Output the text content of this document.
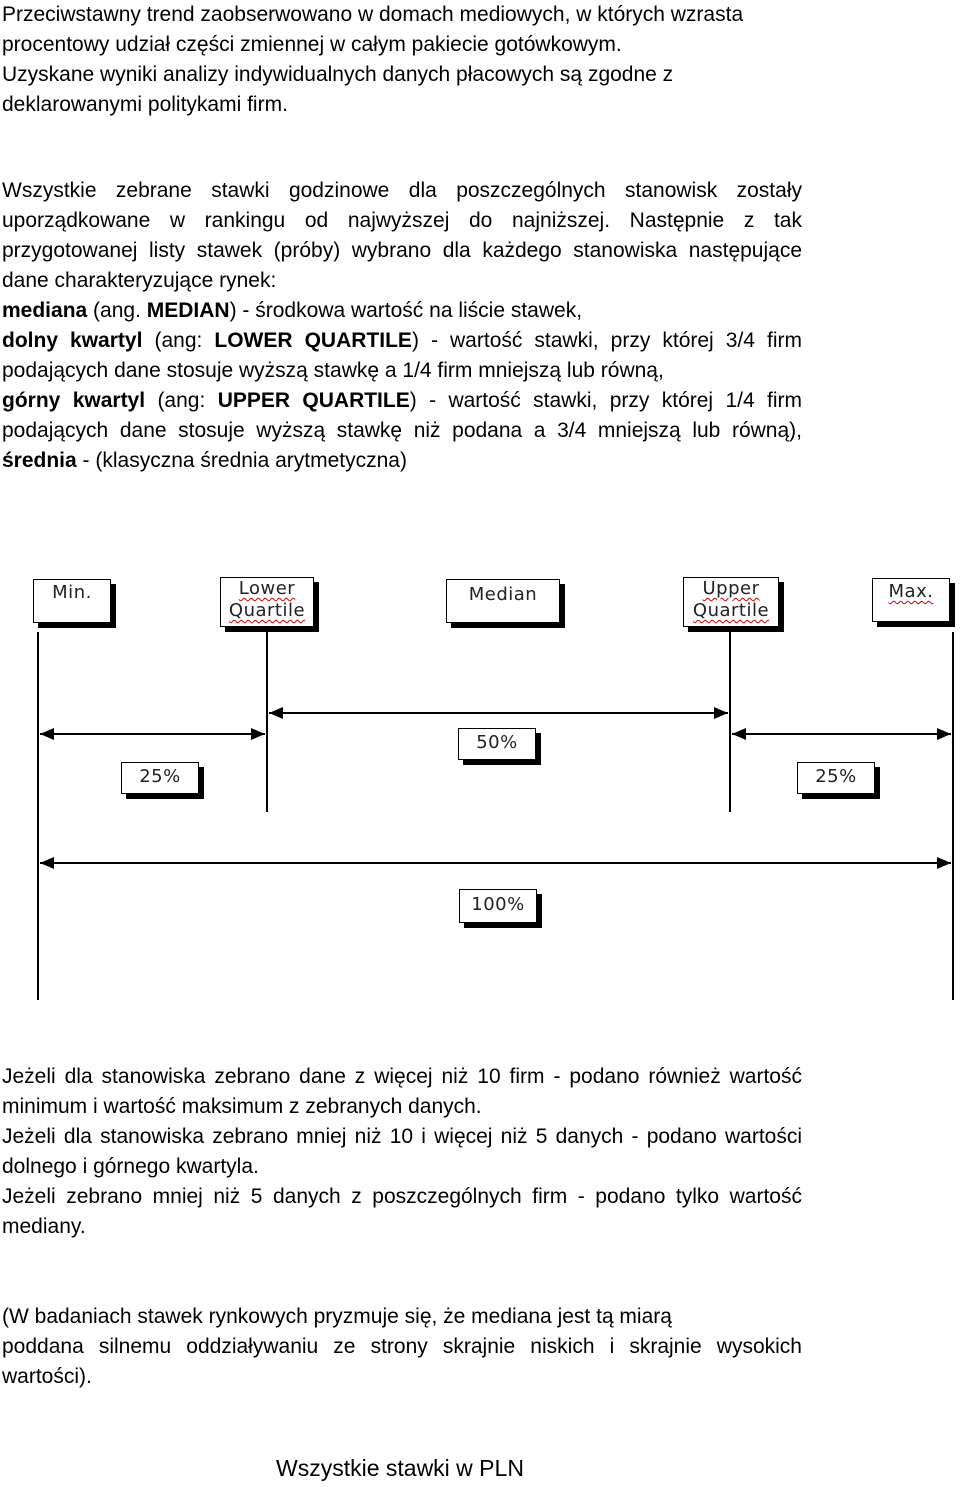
Przeciwstawny trend zaobserwowano w domach mediowych, w których wzrasta
procentowy udział części zmiennej w całym pakiecie gotówkowym.
Uzyskane wyniki analizy indywidualnych danych płacowych są zgodne z
deklarowanymi politykami firm.
Wszystkie zebrane stawki godzinowe dla poszczególnych stanowisk zostały
uporządkowane w rankingu od najwyższej do najniższej. Następnie z tak
przygotowanej listy stawek (próby) wybrano dla każdego stanowiska następujące
dane charakteryzujące rynek:
mediana (ang. MEDIAN) - środkowa wartość na liście stawek,
dolny kwartyl (ang: LOWER QUARTILE) - wartość stawki, przy której 3/4 firm
podających dane stosuje wyższą stawkę a 1/4 firm mniejszą lub równą,
górny kwartyl (ang: UPPER QUARTILE) - wartość stawki, przy której 1/4 firm
podających dane stosuje wyższą stawkę niż podana a 3/4 mniejszą lub równą),
średnia - (klasyczna średnia arytmetyczna)
Min.	Lower
Quartile
Median	Upper
Quartile
Max.
50%
25%	25%
100%
Jeżeli dla stanowiska zebrano dane z więcej niż 10 firm - podano również wartość
minimum i wartość maksimum z zebranych danych.
Jeżeli dla stanowiska zebrano mniej niż 10 i więcej niż 5 danych - podano wartości
dolnego i górnego kwartyla.
Jeżeli zebrano mniej niż 5 danych z poszczególnych firm - podano tylko wartość
mediany.
(W badaniach stawek rynkowych pryzmuje się, że mediana jest tą miarą
poddana silnemu oddziaływaniu ze strony skrajnie niskich i skrajnie wysokich
wartości).
Wszystkie stawki w PLN
